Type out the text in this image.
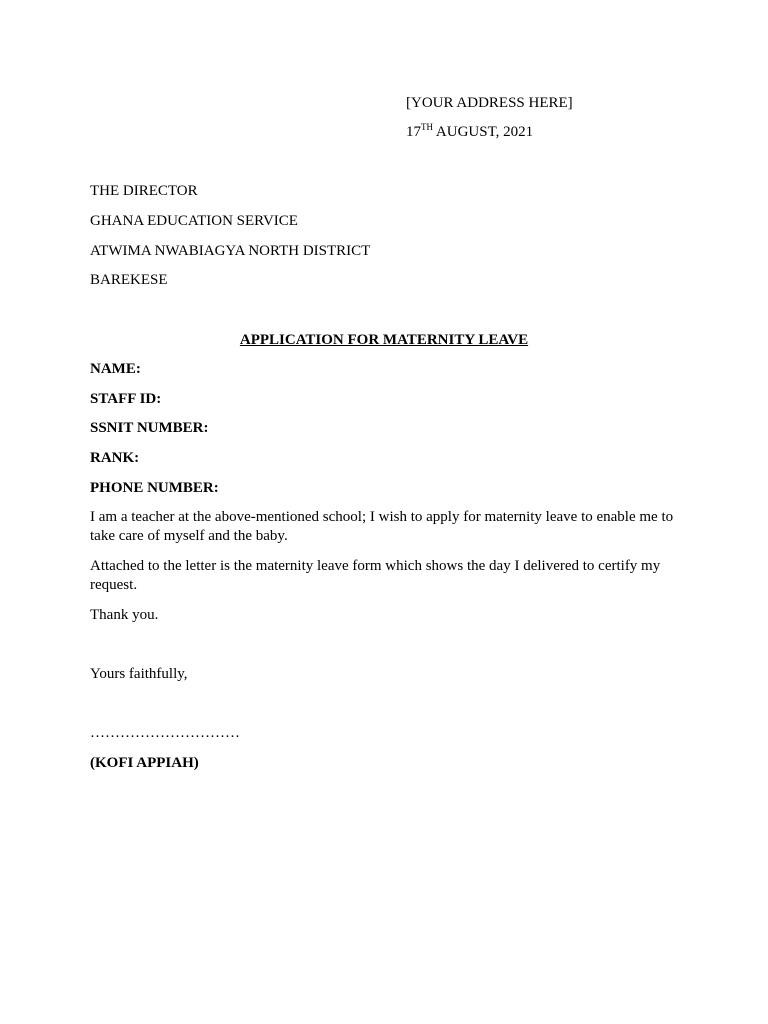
[YOUR ADDRESS HERE]
17TH AUGUST, 2021
THE DIRECTOR
GHANA EDUCATION SERVICE
ATWIMA NWABIAGYA NORTH DISTRICT
BAREKESE
APPLICATION FOR MATERNITY LEAVE
NAME:
STAFF ID:
SSNIT NUMBER:
RANK:
PHONE NUMBER:
I am a teacher at the above-mentioned school; I wish to apply for maternity leave to enable me to take care of myself and the baby.
Attached to the letter is the maternity leave form which shows the day I delivered to certify my request.
Thank you.
Yours faithfully,
…………………………
(KOFI APPIAH)
